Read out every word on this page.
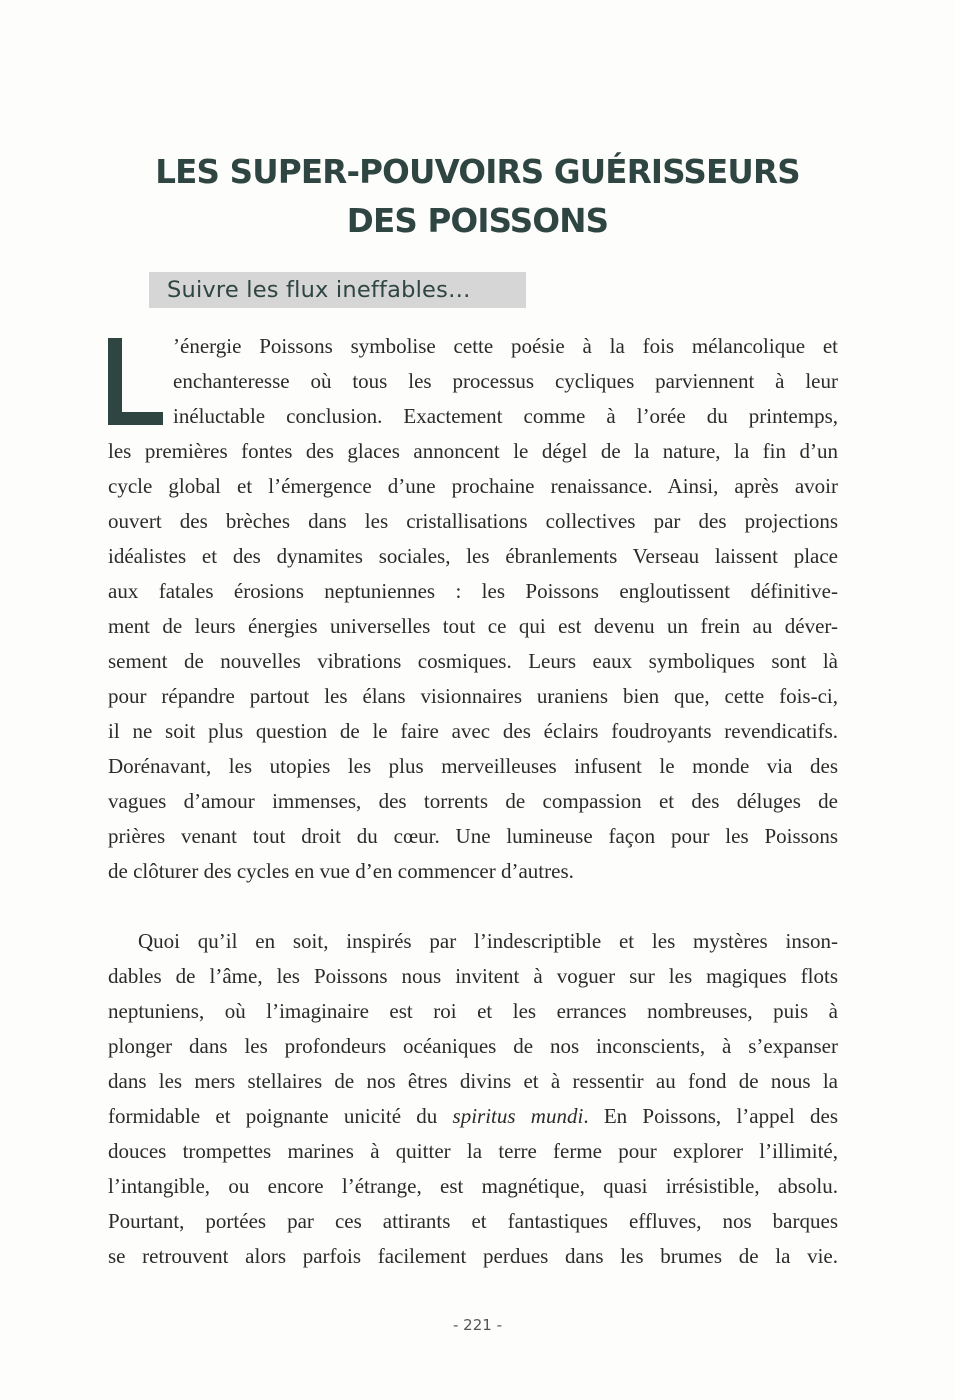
LES SUPER-POUVOIRS GUÉRISSEURS
DES POISSONS
Suivre les flux ineffables…
’énergie Poissons symbolise cette poésie à la fois mélancolique et
enchanteresse où tous les processus cycliques parviennent à leur
inéluctable conclusion. Exactement comme à l’orée du printemps,
les premières fontes des glaces annoncent le dégel de la nature, la fin d’un
cycle global et l’émergence d’une prochaine renaissance. Ainsi, après avoir
ouvert des brèches dans les cristallisations collectives par des projections
idéalistes et des dynamites sociales, les ébranlements Verseau laissent place
aux fatales érosions neptuniennes : les Poissons engloutissent définitive-
ment de leurs énergies universelles tout ce qui est devenu un frein au déver-
sement de nouvelles vibrations cosmiques. Leurs eaux symboliques sont là
pour répandre partout les élans visionnaires uraniens bien que, cette fois-ci,
il ne soit plus question de le faire avec des éclairs foudroyants revendicatifs.
Dorénavant, les utopies les plus merveilleuses infusent le monde via des
vagues d’amour immenses, des torrents de compassion et des déluges de
prières venant tout droit du cœur. Une lumineuse façon pour les Poissons
de clôturer des cycles en vue d’en commencer d’autres.
Quoi qu’il en soit, inspirés par l’indescriptible et les mystères inson-
dables de l’âme, les Poissons nous invitent à voguer sur les magiques flots
neptuniens, où l’imaginaire est roi et les errances nombreuses, puis à
plonger dans les profondeurs océaniques de nos inconscients, à s’expanser
dans les mers stellaires de nos êtres divins et à ressentir au fond de nous la
formidable et poignante unicité du spiritus mundi. En Poissons, l’appel des
douces trompettes marines à quitter la terre ferme pour explorer l’illimité,
l’intangible, ou encore l’étrange, est magnétique, quasi irrésistible, absolu.
Pourtant, portées par ces attirants et fantastiques effluves, nos barques
se retrouvent alors parfois facilement perdues dans les brumes de la vie.
- 221 -
